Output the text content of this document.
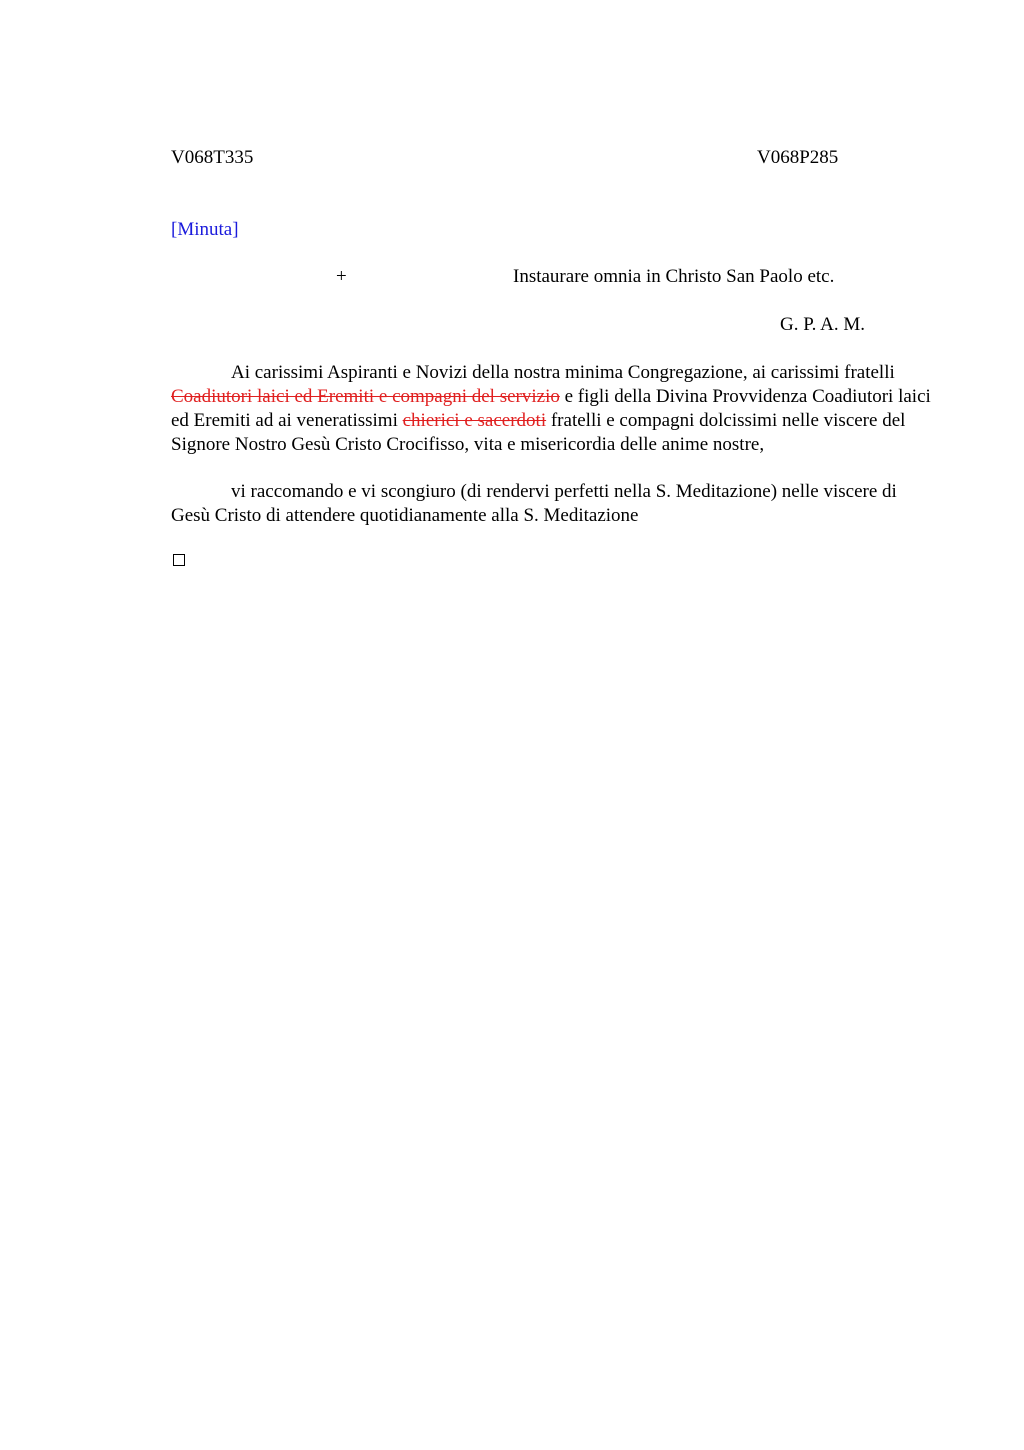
V068T335	V068P285
[Minuta]
+	Instaurare omnia in Christo San Paolo etc.
G. P. A. M.

Ai carissimi Aspiranti e Novizi della nostra minima Congregazione, ai carissimi fratelli Coadiutori laici ed Eremiti e compagni del servizio e figli della Divina Provvidenza Coadiutori laici ed Eremiti ad ai veneratissimi chierici e sacerdoti fratelli e compagni dolcissimi nelle viscere del Signore Nostro Gesù Cristo Crocifisso, vita e misericordia delle anime nostre,

vi raccomando e vi scongiuro (di rendervi perfetti nella S. Meditazione) nelle viscere di Gesù Cristo di attendere quotidianamente alla S. Meditazione
